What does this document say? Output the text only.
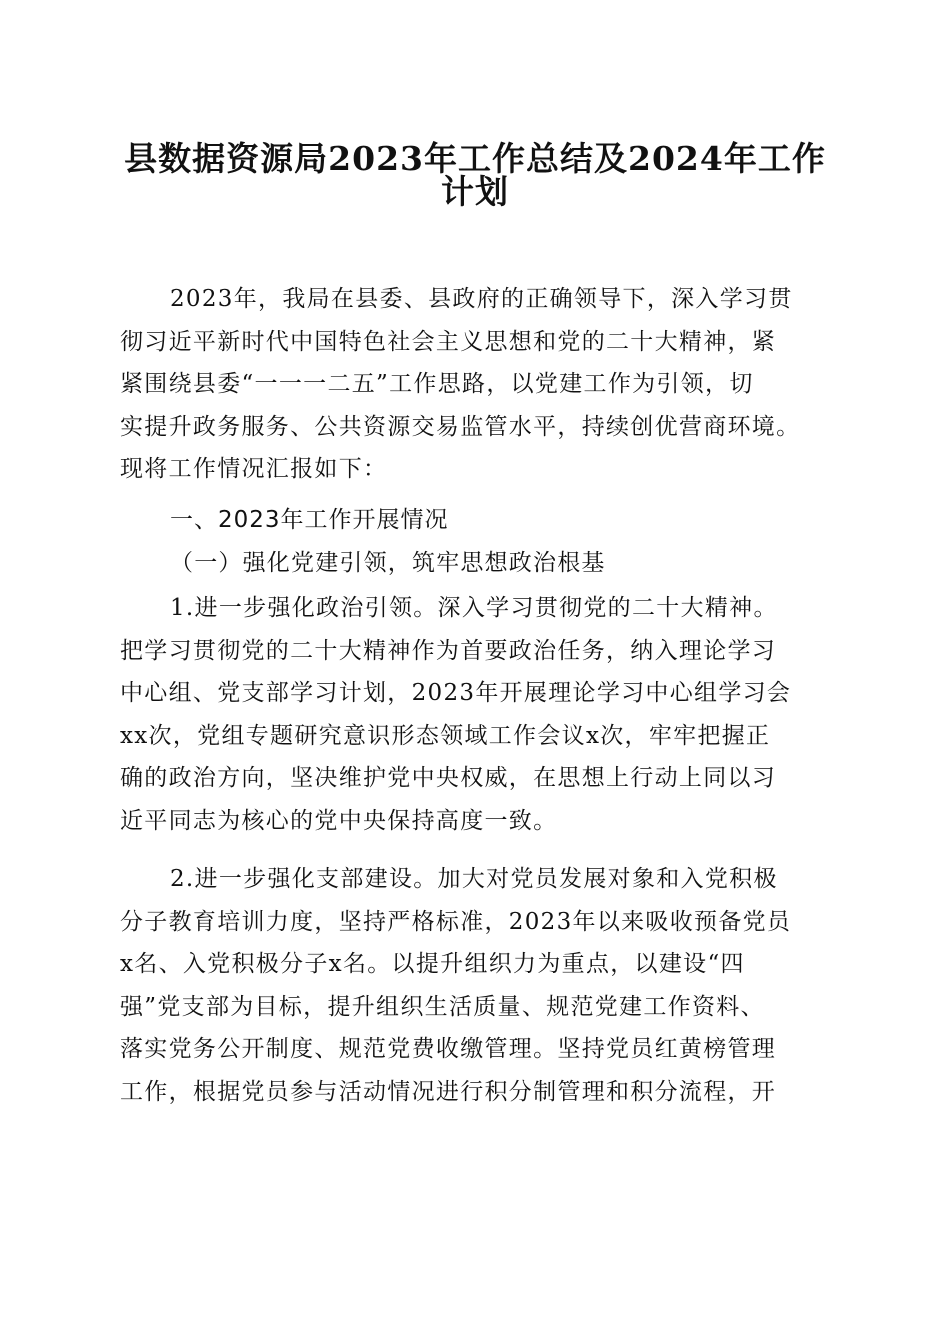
县数据资源局2023年工作总结及2024年工作
计划
2023年，我局在县委、县政府的正确领导下，深入学习贯
彻习近平新时代中国特色社会主义思想和党的二十大精神，紧
紧围绕县委“一一一二五”工作思路，以党建工作为引领，切
实提升政务服务、公共资源交易监管水平，持续创优营商环境。
现将工作情况汇报如下：
一、2023年工作开展情况
（一）强化党建引领，筑牢思想政治根基
1.进一步强化政治引领。深入学习贯彻党的二十大精神。
把学习贯彻党的二十大精神作为首要政治任务，纳入理论学习
中心组、党支部学习计划，2023年开展理论学习中心组学习会
xx次，党组专题研究意识形态领域工作会议x次，牢牢把握正
确的政治方向，坚决维护党中央权威，在思想上行动上同以习
近平同志为核心的党中央保持高度一致。
2.进一步强化支部建设。加大对党员发展对象和入党积极
分子教育培训力度，坚持严格标准，2023年以来吸收预备党员
x名、入党积极分子x名。以提升组织力为重点，以建设“四
强”党支部为目标，提升组织生活质量、规范党建工作资料、
落实党务公开制度、规范党费收缴管理。坚持党员红黄榜管理
工作，根据党员参与活动情况进行积分制管理和积分流程，开
